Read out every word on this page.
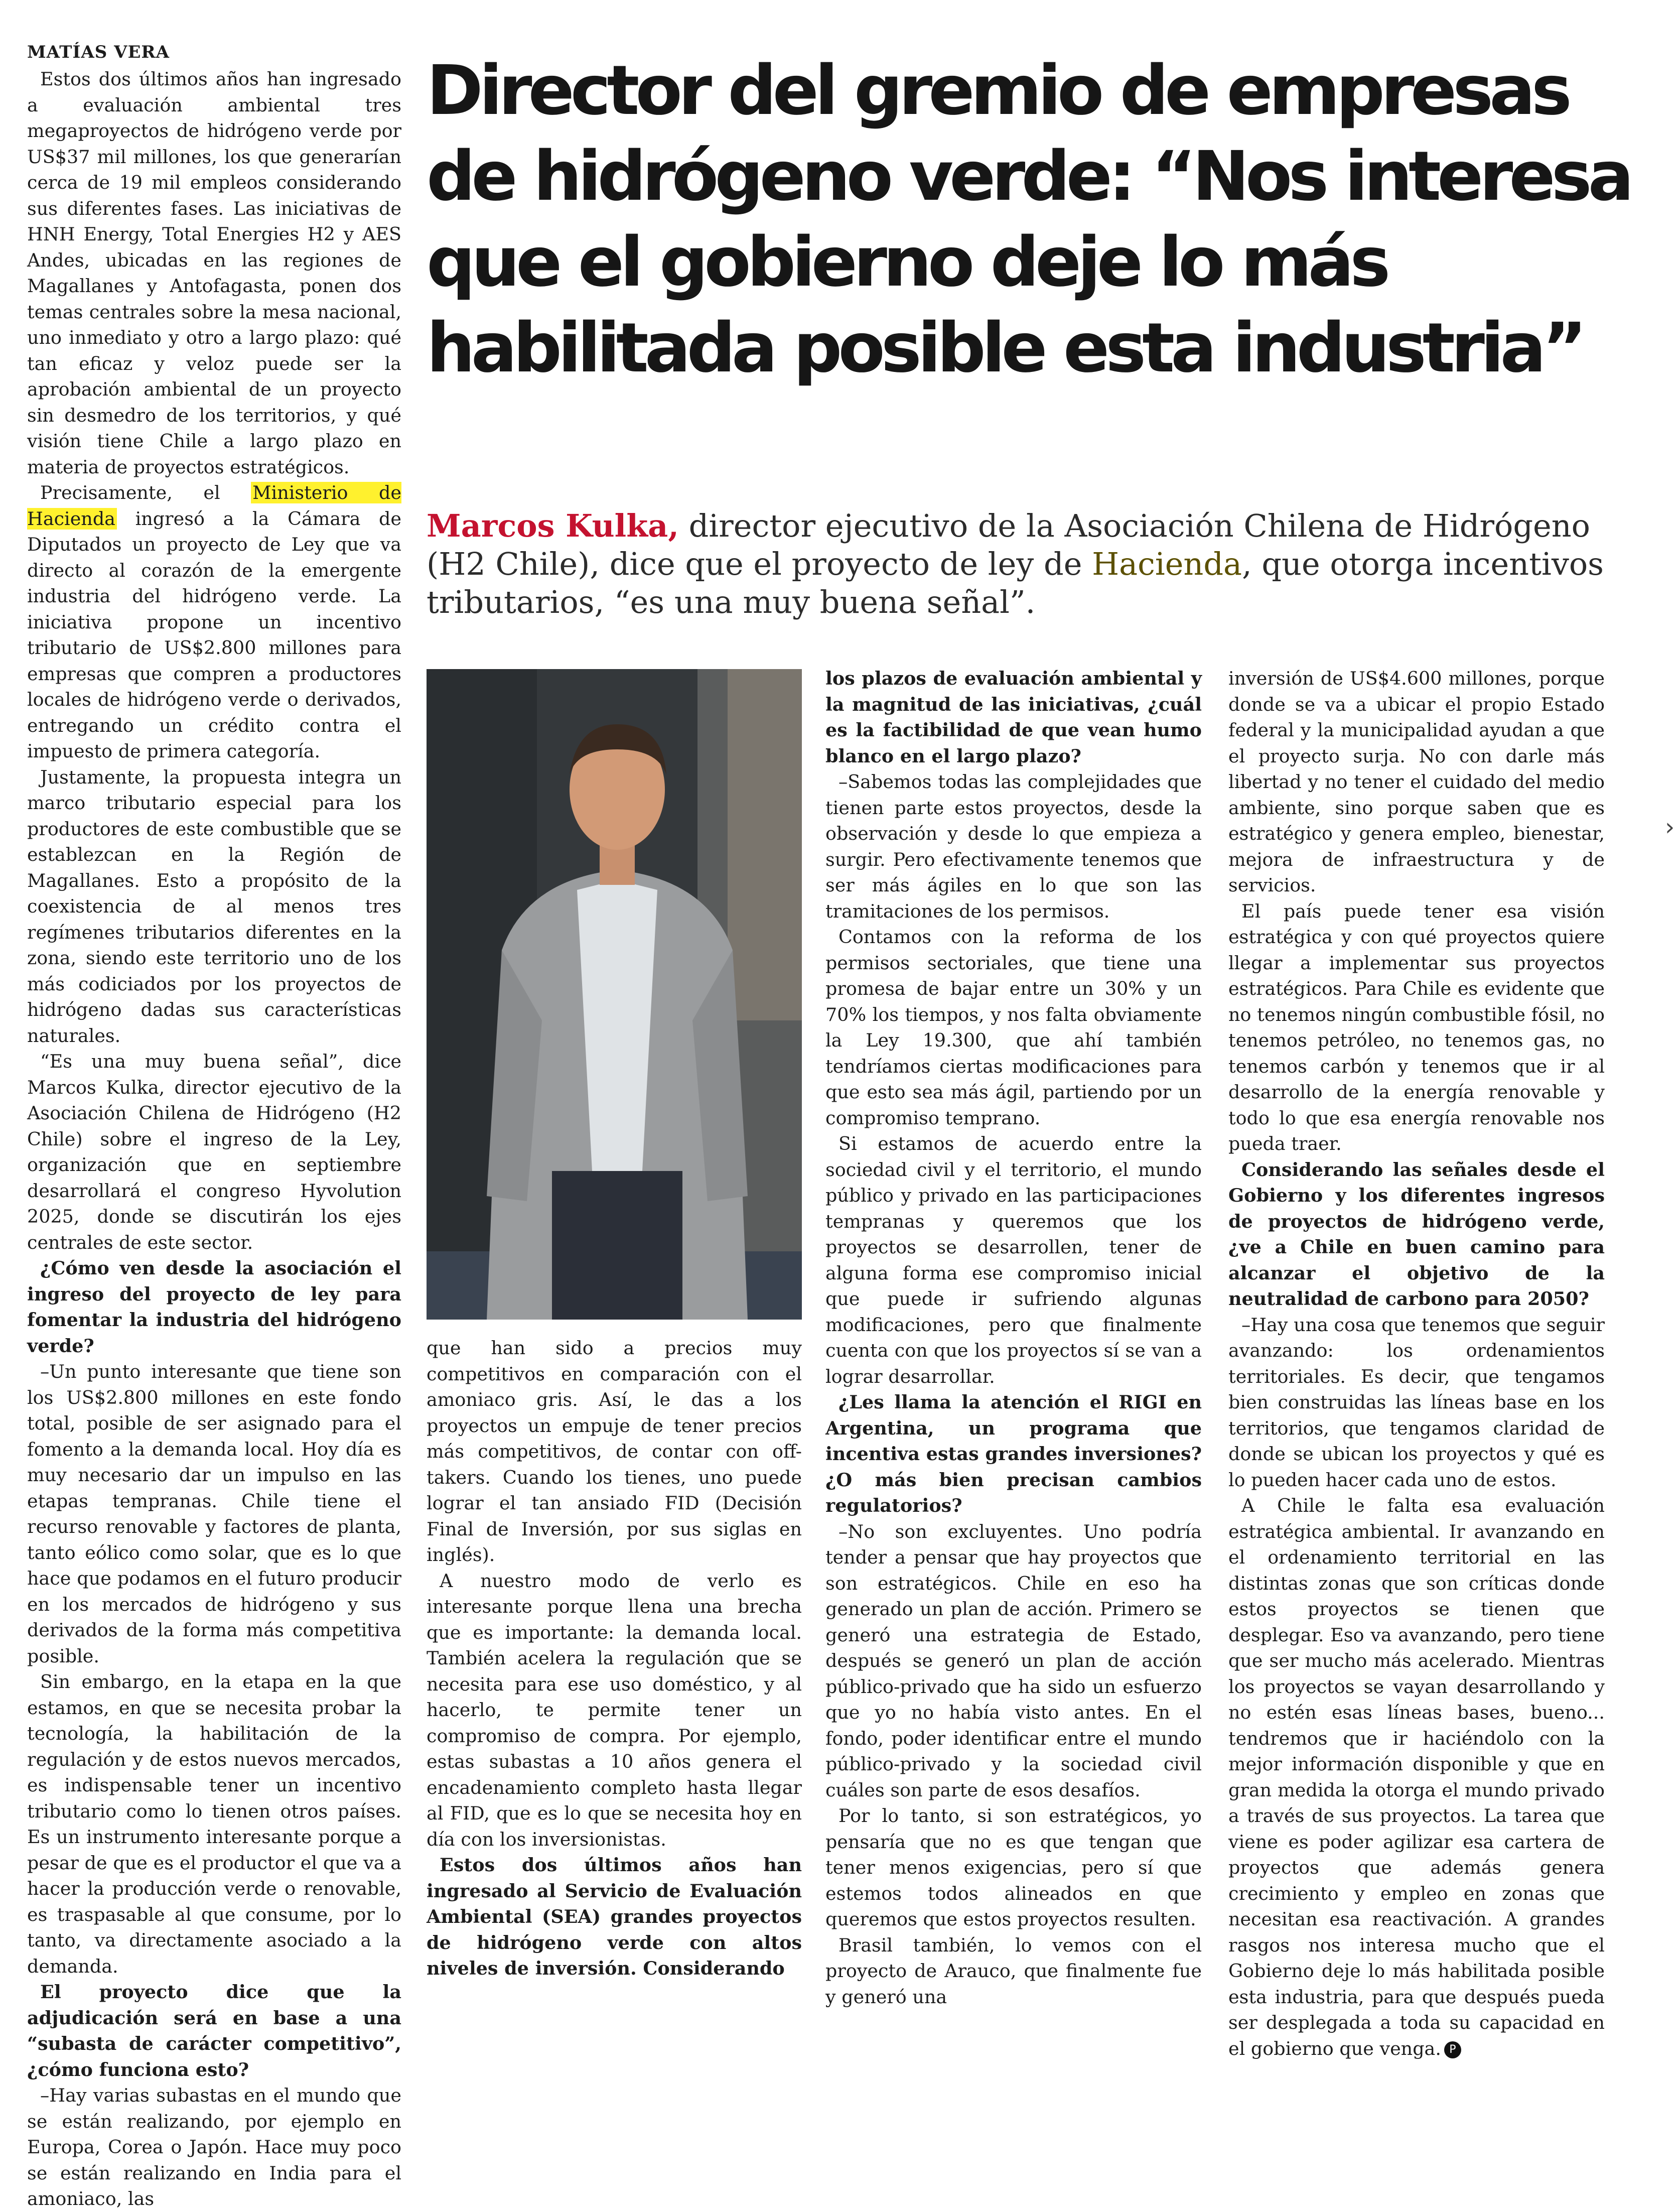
MATÍAS VERA	Director del gremio de empresas de hidrógeno verde: “Nos interesa que el gobierno deje lo más habilitada posible esta industria”

Marcos Kulka, director ejecutivo de la Asociación Chilena de Hidrógeno (H2 Chile), dice que el proyecto de ley de Hacienda, que otorga incentivos tributarios, “es una muy buena señal”.

Estos dos últimos años han ingresado a evaluación ambiental tres megaproyectos de hidrógeno verde por US$37 mil millones, los que generarían cerca de 19 mil empleos considerando sus diferentes fases. Las iniciativas de HNH Energy, Total Energies H2 y AES Andes, ubicadas en las regiones de Magallanes y Antofagasta, ponen dos temas centrales sobre la mesa nacional, uno inmediato y otro a largo plazo: qué tan eficaz y veloz puede ser la aprobación ambiental de un proyecto sin desmedro de los territorios, y qué visión tiene Chile a largo plazo en materia de proyectos estratégicos.

Precisamente, el Ministerio de Hacienda ingresó a la Cámara de Diputados un proyecto de Ley que va directo al corazón de la emergente industria del hidrógeno verde. La iniciativa propone un incentivo tributario de US$2.800 millones para empresas que compren a productores locales de hidrógeno verde o derivados, entregando un crédito contra el impuesto de primera categoría.

Justamente, la propuesta integra un marco tributario especial para los productores de este combustible que se establezcan en la Región de Magallanes. Esto a propósito de la coexistencia de al menos tres regímenes tributarios diferentes en la zona, siendo este territorio uno de los más codiciados por los proyectos de hidrógeno dadas sus características naturales.

“Es una muy buena señal”, dice Marcos Kulka, director ejecutivo de la Asociación Chilena de Hidrógeno (H2 Chile) sobre el ingreso de la Ley, organización que en septiembre desarrollará el congreso Hyvolution 2025, donde se discutirán los ejes centrales de este sector.

¿Cómo ven desde la asociación el ingreso del proyecto de ley para fomentar la industria del hidrógeno verde?

–Un punto interesante que tiene son los US$2.800 millones en este fondo total, posible de ser asignado para el fomento a la demanda local. Hoy día es muy necesario dar un impulso en las etapas tempranas. Chile tiene el recurso renovable y factores de planta, tanto eólico como solar, que es lo que hace que podamos en el futuro producir en los mercados de hidrógeno y sus derivados de la forma más competitiva posible.

Sin embargo, en la etapa en la que estamos, en que se necesita probar la tecnología, la habilitación de la regulación y de estos nuevos mercados, es indispensable tener un incentivo tributario como lo tienen otros países. Es un instrumento interesante porque a pesar de que es el productor el que va a hacer la producción verde o renovable, es traspasable al que consume, por lo tanto, va directamente asociado a la demanda.

El proyecto dice que la adjudicación será en base a una “subasta de carácter competitivo”, ¿cómo funciona esto?

–Hay varias subastas en el mundo que se están realizando, por ejemplo en Europa, Corea o Japón. Hace muy poco se están realizando en India para el amoniaco, las

que han sido a precios muy competitivos en comparación con el amoniaco gris. Así, le das a los proyectos un empuje de tener precios más competitivos, de contar con off-takers. Cuando los tienes, uno puede lograr el tan ansiado FID (Decisión Final de Inversión, por sus siglas en inglés).

A nuestro modo de verlo es interesante porque llena una brecha que es importante: la demanda local. También acelera la regulación que se necesita para ese uso doméstico, y al hacerlo, te permite tener un compromiso de compra. Por ejemplo, estas subastas a 10 años genera el encadenamiento completo hasta llegar al FID, que es lo que se necesita hoy en día con los inversionistas.

Estos dos últimos años han ingresado al Servicio de Evaluación Ambiental (SEA) grandes proyectos de hidrógeno verde con altos niveles de inversión. Considerando

los plazos de evaluación ambiental y la magnitud de las iniciativas, ¿cuál es la factibilidad de que vean humo blanco en el largo plazo?

–Sabemos todas las complejidades que tienen parte estos proyectos, desde la observación y desde lo que empieza a surgir. Pero efectivamente tenemos que ser más ágiles en lo que son las tramitaciones de los permisos.

Contamos con la reforma de los permisos sectoriales, que tiene una promesa de bajar entre un 30% y un 70% los tiempos, y nos falta obviamente la Ley 19.300, que ahí también tendríamos ciertas modificaciones para que esto sea más ágil, partiendo por un compromiso temprano.

Si estamos de acuerdo entre la sociedad civil y el territorio, el mundo público y privado en las participaciones tempranas y queremos que los proyectos se desarrollen, tener de alguna forma ese compromiso inicial que puede ir sufriendo algunas modificaciones, pero que finalmente cuenta con que los proyectos sí se van a lograr desarrollar.

¿Les llama la atención el RIGI en Argentina, un programa que incentiva estas grandes inversiones? ¿O más bien precisan cambios regulatorios?

–No son excluyentes. Uno podría tender a pensar que hay proyectos que son estratégicos. Chile en eso ha generado un plan de acción. Primero se generó una estrategia de Estado, después se generó un plan de acción público-privado que ha sido un esfuerzo que yo no había visto antes. En el fondo, poder identificar entre el mundo público-privado y la sociedad civil cuáles son parte de esos desafíos.

Por lo tanto, si son estratégicos, yo pensaría que no es que tengan que tener menos exigencias, pero sí que estemos todos alineados en que queremos que estos proyectos resulten.

Brasil también, lo vemos con el proyecto de Arauco, que finalmente fue y generó una

inversión de US$4.600 millones, porque donde se va a ubicar el propio Estado federal y la municipalidad ayudan a que el proyecto surja. No con darle más libertad y no tener el cuidado del medio ambiente, sino porque saben que es estratégico y genera empleo, bienestar, mejora de infraestructura y de servicios.

El país puede tener esa visión estratégica y con qué proyectos quiere llegar a implementar sus proyectos estratégicos. Para Chile es evidente que no tenemos ningún combustible fósil, no tenemos petróleo, no tenemos gas, no tenemos carbón y tenemos que ir al desarrollo de la energía renovable y todo lo que esa energía renovable nos pueda traer.

Considerando las señales desde el Gobierno y los diferentes ingresos de proyectos de hidrógeno verde, ¿ve a Chile en buen camino para alcanzar el objetivo de la neutralidad de carbono para 2050?

–Hay una cosa que tenemos que seguir avanzando: los ordenamientos territoriales. Es decir, que tengamos bien construidas las líneas base en los territorios, que tengamos claridad de donde se ubican los proyectos y qué es lo pueden hacer cada uno de estos.

A Chile le falta esa evaluación estratégica ambiental. Ir avanzando en el ordenamiento territorial en las distintas zonas que son críticas donde estos proyectos se tienen que desplegar. Eso va avanzando, pero tiene que ser mucho más acelerado. Mientras los proyectos se vayan desarrollando y no estén esas líneas bases, bueno... tendremos que ir haciéndolo con la mejor información disponible y que en gran medida la otorga el mundo privado a través de sus proyectos. La tarea que viene es poder agilizar esa cartera de proyectos que además genera crecimiento y empleo en zonas que necesitan esa reactivación. A grandes rasgos nos interesa mucho que el Gobierno deje lo más habilitada posible esta industria, para que después pueda ser desplegada a toda su capacidad en el gobierno que venga. P

›
